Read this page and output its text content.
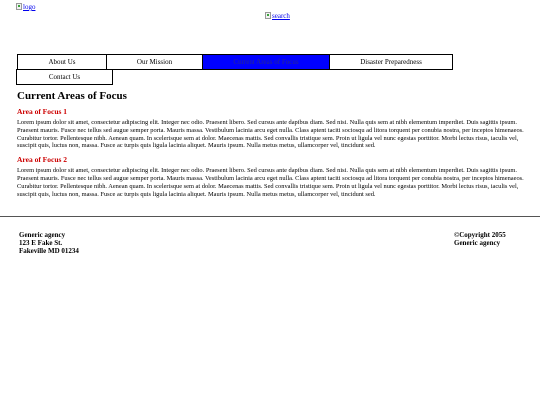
logo
search
About Us	Our Mission	Current Areas of Focus	Disaster Preparedness
Contact Us
Current Areas of Focus
Area of Focus 1

Lorem ipsum dolor sit amet, consectetur adipiscing elit. Integer nec odio. Praesent libero. Sed cursus ante dapibus diam. Sed nisi. Nulla quis sem at nibh elementum imperdiet. Duis sagittis ipsum. Praesent mauris. Fusce nec tellus sed augue semper porta. Mauris massa. Vestibulum lacinia arcu eget nulla. Class aptent taciti sociosqu ad litora torquent per conubia nostra, per inceptos himenaeos. Curabitur tortor. Pellentesque nibh. Aenean quam. In scelerisque sem at dolor. Maecenas mattis. Sed convallis tristique sem. Proin ut ligula vel nunc egestas porttitor. Morbi lectus risus, iaculis vel, suscipit quis, luctus non, massa. Fusce ac turpis quis ligula lacinia aliquet. Mauris ipsum. Nulla metus metus, ullamcorper vel, tincidunt sed.

Area of Focus 2

Lorem ipsum dolor sit amet, consectetur adipiscing elit. Integer nec odio. Praesent libero. Sed cursus ante dapibus diam. Sed nisi. Nulla quis sem at nibh elementum imperdiet. Duis sagittis ipsum. Praesent mauris. Fusce nec tellus sed augue semper porta. Mauris massa. Vestibulum lacinia arcu eget nulla. Class aptent taciti sociosqu ad litora torquent per conubia nostra, per inceptos himenaeos. Curabitur tortor. Pellentesque nibh. Aenean quam. In scelerisque sem at dolor. Maecenas mattis. Sed convallis tristique sem. Proin ut ligula vel nunc egestas porttitor. Morbi lectus risus, iaculis vel, suscipit quis, luctus non, massa. Fusce ac turpis quis ligula lacinia aliquet. Mauris ipsum. Nulla metus metus, ullamcorper vel, tincidunt sed.

Generic agency
123 E Fake St.
Fakeville MD 01234
©Copyright 2055
Generic agency
